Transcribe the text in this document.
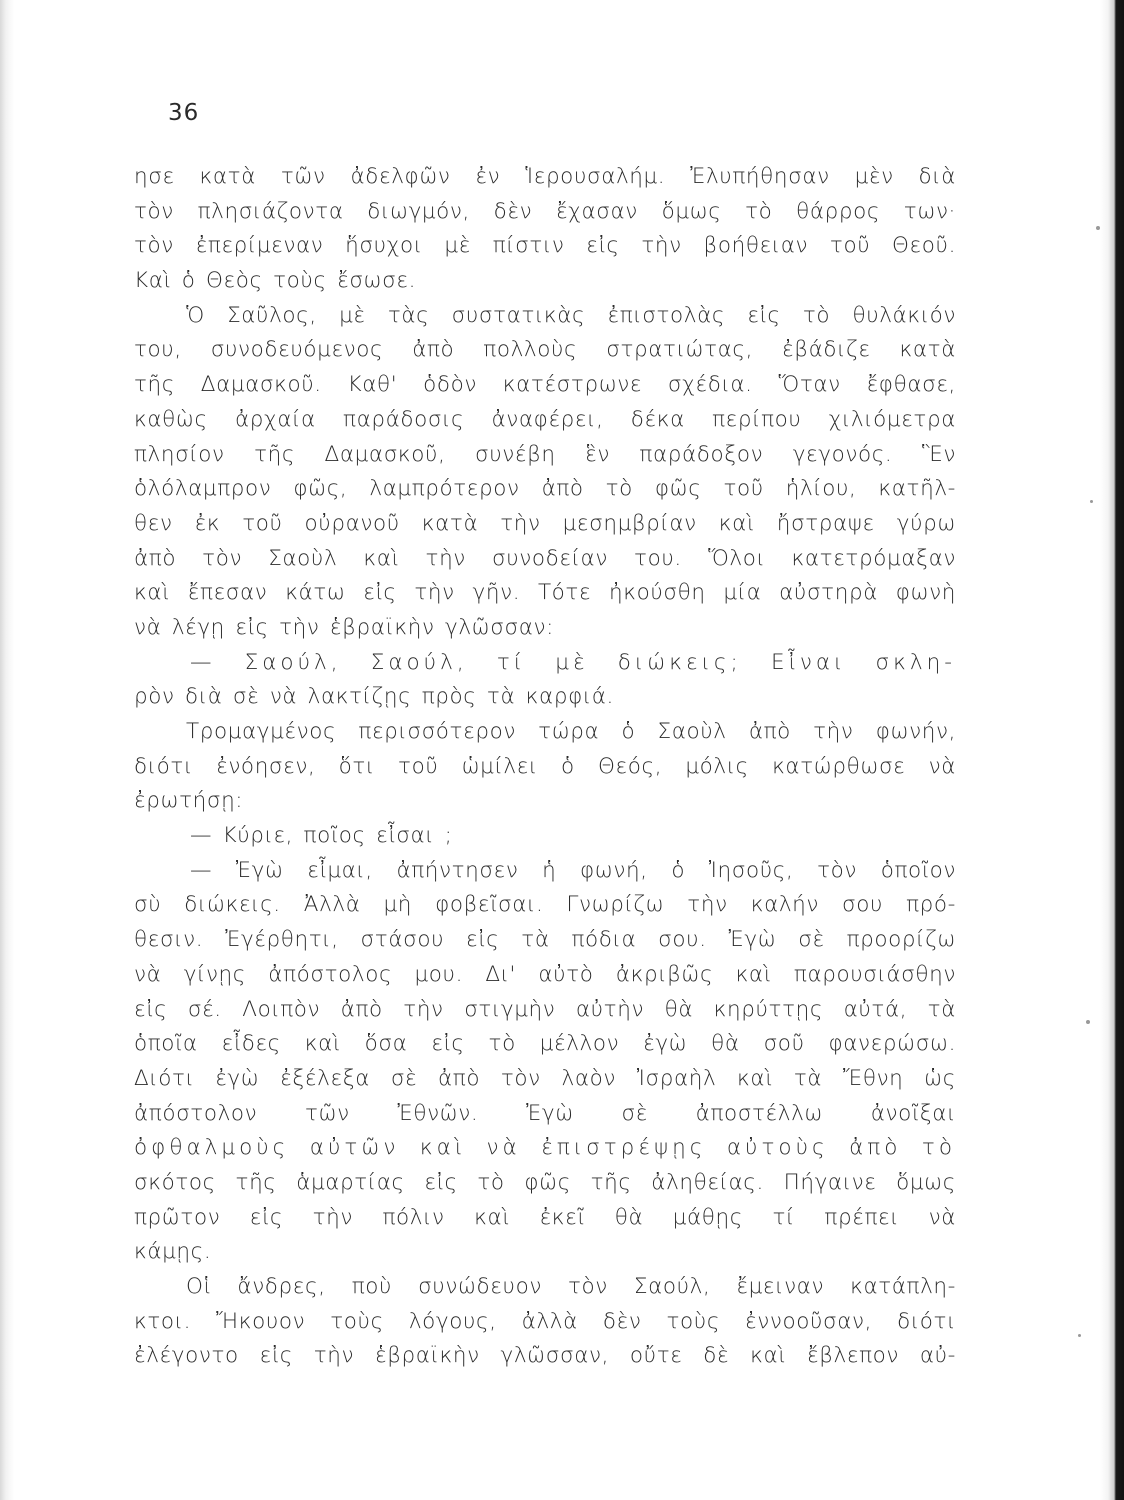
36
ησε κατὰ τῶν ἀδελφῶν ἐν Ἱερουσαλήμ. Ἐλυπήθησαν μὲν διὰ
τὸν πλησιάζοντα διωγμόν, δὲν ἔχασαν ὅμως τὸ θάρρος των·
τὸν ἐπερίμεναν ἥσυχοι μὲ πίστιν εἰς τὴν βοήθειαν τοῦ Θεοῦ.
Καὶ ὁ Θεὸς τοὺς ἔσωσε.
Ὁ Σαῦλος, μὲ τὰς συστατικὰς ἐπιστολὰς εἰς τὸ θυλάκιόν
του, συνοδευόμενος ἀπὸ πολλοὺς στρατιώτας, ἐβάδιζε κατὰ
τῆς Δαμασκοῦ. Καθ' ὁδὸν κατέστρωνε σχέδια. Ὅταν ἔφθασε,
καθὼς ἀρχαία παράδοσις ἀναφέρει, δέκα περίπου χιλιόμετρα
πλησίον τῆς Δαμασκοῦ, συνέβη ἓν παράδοξον γεγονός. Ἓν
ὁλόλαμπρον φῶς, λαμπρότερον ἀπὸ τὸ φῶς τοῦ ἡλίου, κατῆλ-
θεν ἐκ τοῦ οὐρανοῦ κατὰ τὴν μεσημβρίαν καὶ ἤστραψε γύρω
ἀπὸ τὸν Σαοὺλ καὶ τὴν συνοδείαν του. Ὅλοι κατετρόμαξαν
καὶ ἔπεσαν κάτω εἰς τὴν γῆν. Τότε ἠκούσθη μία αὐστηρὰ φωνὴ
νὰ λέγῃ εἰς τὴν ἑβραϊκὴν γλῶσσαν:
— Σαούλ, Σαούλ, τί μὲ διώκεις; Εἶναι σκλη-
ρὸν διὰ σὲ νὰ λακτίζῃς πρὸς τὰ καρφιά.
Τρομαγμένος περισσότερον τώρα ὁ Σαοὺλ ἀπὸ τὴν φωνήν,
διότι ἐνόησεν, ὅτι τοῦ ὡμίλει ὁ Θεός, μόλις κατώρθωσε νὰ
ἐρωτήσῃ:
— Κύριε, ποῖος εἶσαι ;
— Ἐγὼ εἶμαι, ἀπήντησεν ἡ φωνή, ὁ Ἰησοῦς, τὸν ὁποῖον
σὺ διώκεις. Ἀλλὰ μὴ φοβεῖσαι. Γνωρίζω τὴν καλήν σου πρό-
θεσιν. Ἐγέρθητι, στάσου εἰς τὰ πόδια σου. Ἐγὼ σὲ προορίζω
νὰ γίνῃς ἀπόστολος μου. Δι' αὐτὸ ἀκριβῶς καὶ παρουσιάσθην
εἰς σέ. Λοιπὸν ἀπὸ τὴν στιγμὴν αὐτὴν θὰ κηρύττῃς αὐτά, τὰ
ὁποῖα εἶδες καὶ ὅσα εἰς τὸ μέλλον ἐγὼ θὰ σοῦ φανερώσω.
Διότι ἐγὼ ἐξέλεξα σὲ ἀπὸ τὸν λαὸν Ἰσραὴλ καὶ τὰ Ἔθνη ὡς
ἀπόστολον τῶν Ἐθνῶν. Ἐγὼ σὲ ἀποστέλλω ἀνοῖξαι
ὀφθαλμοὺς αὐτῶν καὶ νὰ ἐπιστρέψῃς αὐτοὺς ἀπὸ τὸ
σκότος τῆς ἁμαρτίας εἰς τὸ φῶς τῆς ἀληθείας. Πήγαινε ὅμως
πρῶτον εἰς τὴν πόλιν καὶ ἐκεῖ θὰ μάθῃς τί πρέπει νὰ
κάμῃς.
Οἱ ἄνδρες, ποὺ συνώδευον τὸν Σαούλ, ἔμειναν κατάπλη-
κτοι. Ἤκουον τοὺς λόγους, ἀλλὰ δὲν τοὺς ἐννοοῦσαν, διότι
ἐλέγοντο εἰς τὴν ἑβραϊκὴν γλῶσσαν, οὔτε δὲ καὶ ἔβλεπον αὐ-
